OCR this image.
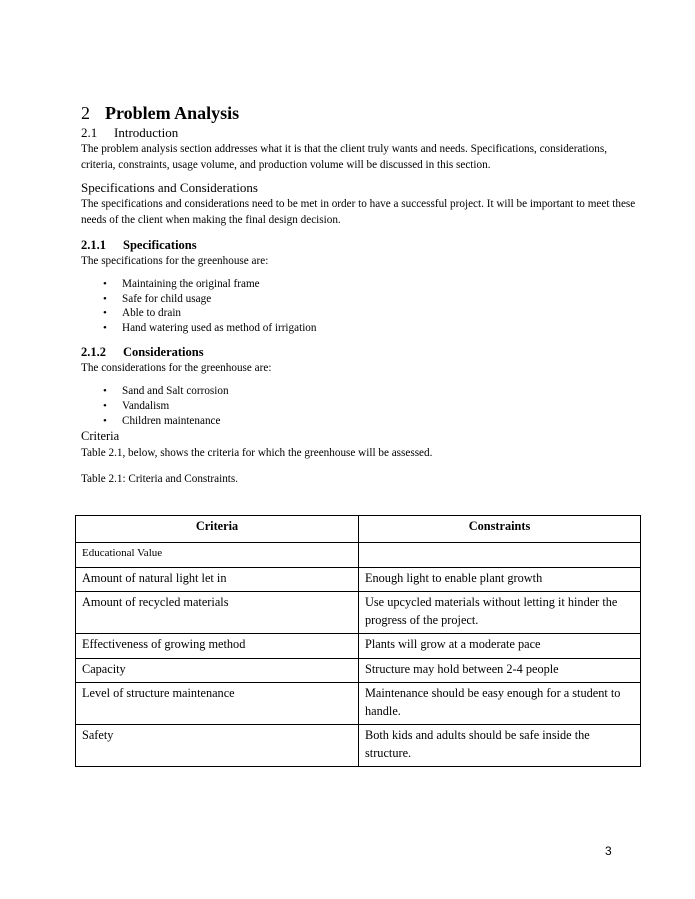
2 Problem Analysis
2.1	Introduction

The problem analysis section addresses what it is that the client truly wants and needs. Specifications, considerations, criteria, constraints, usage volume, and production volume will be discussed in this section.

Specifications and Considerations

The specifications and considerations need to be met in order to have a successful project. It will be important to meet these needs of the client when making the final design decision.

2.1.1	Specifications

The specifications for the greenhouse are:

• Maintaining the original frame
• Safe for child usage
• Able to drain
• Hand watering used as method of irrigation
2.1.2	Considerations

The considerations for the greenhouse are:

• Sand and Salt corrosion
• Vandalism
• Children maintenance
Criteria

Table 2.1, below, shows the criteria for which the greenhouse will be assessed.

Table 2.1: Criteria and Constraints.
Criteria	Constraints
Educational Value	
Amount of natural light let in	Enough light to enable plant growth
Amount of recycled materials	Use upcycled materials without letting it hinder the progress of the project.
Effectiveness of growing method	Plants will grow at a moderate pace
Capacity	Structure may hold between 2-4 people
Level of structure maintenance	Maintenance should be easy enough for a student to handle.
Safety	Both kids and adults should be safe inside the structure.
3
